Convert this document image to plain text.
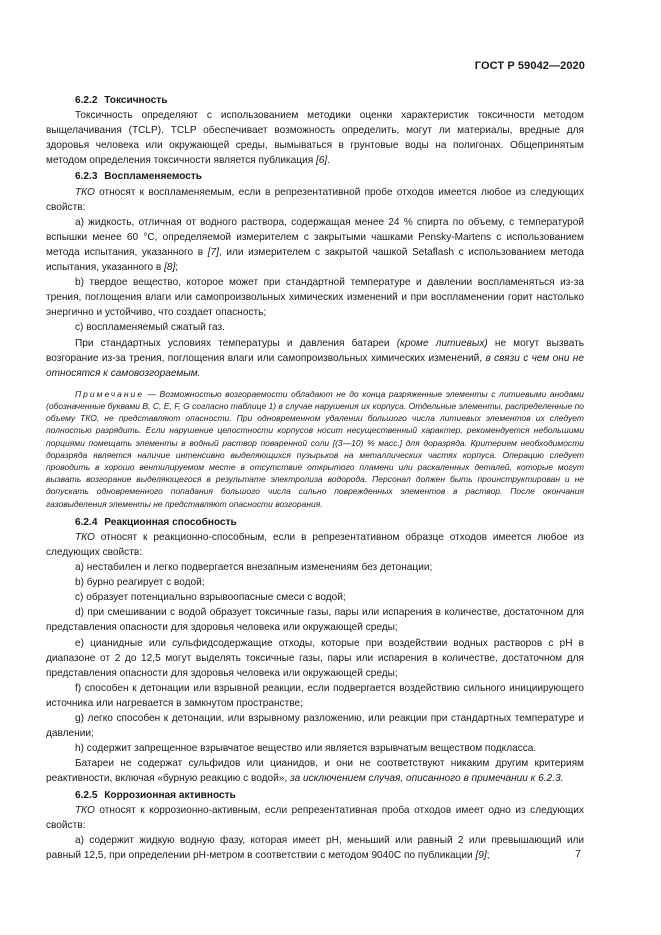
ГОСТ Р 59042—2020

6.2.2 Токсичность

Токсичность определяют с использованием методики оценки характеристик токсичности методом выщелачивания (TCLP). TCLP обеспечивает возможность определить, могут ли материалы, вредные для здоровья человека или окружающей среды, вымываться в грунтовые воды на полигонах. Общепринятым методом определения токсичности является публикация [6].

6.2.3 Воспламеняемость

ТКО относят к воспламеняемым, если в репрезентативной пробе отходов имеется любое из следующих свойств:

а) жидкость, отличная от водного раствора, содержащая менее 24 % спирта по объему, с температурой вспышки менее 60 °С, определяемой измерителем с закрытыми чашками Pensky-Martens с использованием метода испытания, указанного в [7], или измерителем с закрытой чашкой Setaflash с использованием метода испытания, указанного в [8];

b) твердое вещество, которое может при стандартной температуре и давлении воспламеняться из-за трения, поглощения влаги или самопроизвольных химических изменений и при воспламенении горит настолько энергично и устойчиво, что создает опасность;

с) воспламеняемый сжатый газ.

При стандартных условиях температуры и давления батареи (кроме литиевых) не могут вызвать возгорание из-за трения, поглощения влаги или самопроизвольных химических изменений, в связи с чем они не относятся к самовозгораемым.

Примечание — Возможностью возгораемости обладают не до конца разряженные элементы с литиевыми анодами (обозначенные буквами В, С, Е, F, G согласно таблице 1) в случае нарушения их корпуса. Отдельные элементы, распределенные по объему ТКО, не представляют опасности. При одновременном удалении большого числа литиевых элементов их следует полностью разрядить. Если нарушение целостности корпусов носит несущественный характер, рекомендуется небольшими порциями помещать элементы в водный раствор поваренной соли [(3—10) % масс.] для доразряда. Критерием необходимости доразряда является наличие интенсивно выделяющихся пузырьков на металлических частях корпуса. Операцию следует проводить в хорошо вентилируемом месте в отсутствие открытого пламени или раскаленных деталей, которые могут вызвать возгорание выделяющегося в результате электролиза водорода. Персонал должен быть проинструктирован и не допускать одновременного попадания большого числа сильно поврежденных элементов в раствор. После окончания газовыделения элементы не представляют опасности возгорания.

6.2.4 Реакционная способность

ТКО относят к реакционно-способным, если в репрезентативном образце отходов имеется любое из следующих свойств:

а) нестабилен и легко подвергается внезапным изменениям без детонации;

b) бурно реагирует с водой;

с) образует потенциально взрывоопасные смеси с водой;

d) при смешивании с водой образует токсичные газы, пары или испарения в количестве, достаточном для представления опасности для здоровья человека или окружающей среды;

е) цианидные или сульфидсодержащие отходы, которые при воздействии водных растворов с рН в диапазоне от 2 до 12,5 могут выделять токсичные газы, пары или испарения в количестве, достаточном для представления опасности для здоровья человека или окружающей среды;

f) способен к детонации или взрывной реакции, если подвергается воздействию сильного инициирующего источника или нагревается в замкнутом пространстве;

g) легко способен к детонации, или взрывному разложению, или реакции при стандартных температуре и давлении;

h) содержит запрещенное взрывчатое вещество или является взрывчатым веществом подкласса.

Батареи не содержат сульфидов или цианидов, и они не соответствуют никаким другим критериям реактивности, включая «бурную реакцию с водой», за исключением случая, описанного в примечании к 6.2.3.

6.2.5 Коррозионная активность

ТКО относят к коррозионно-активным, если репрезентативная проба отходов имеет одно из следующих свойств:

а) содержит жидкую водную фазу, которая имеет рН, меньший или равный 2 или превышающий или равный 12,5, при определении рН-метром в соответствии с методом 9040С по публикации [9];	7
